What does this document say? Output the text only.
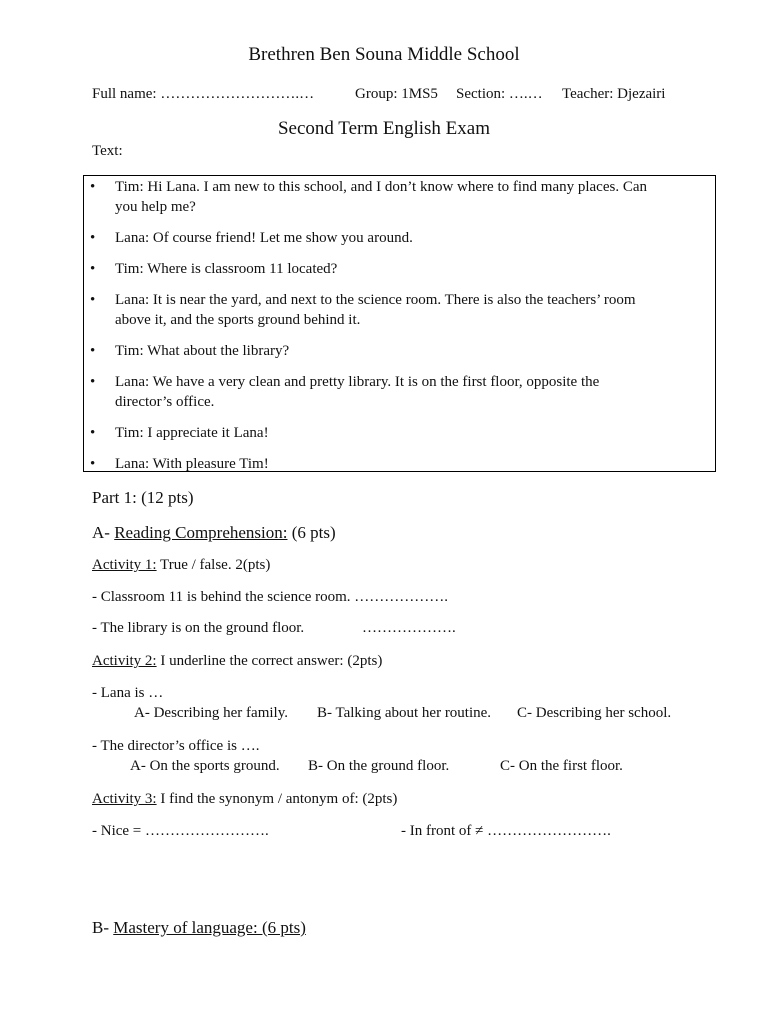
Brethren Ben Souna Middle School
Full name: ……………………….…	Group: 1MS5 Section: ….… Teacher: Djezairi
Second Term English Exam
Text:
• Tim: Hi Lana. I am new to this school, and I don’t know where to find many places. Can
you help me?
• Lana: Of course friend! Let me show you around.
• Tim: Where is classroom 11 located?
• Lana: It is near the yard, and next to the science room. There is also the teachers’ room
above it, and the sports ground behind it.
• Tim: What about the library?
• Lana: We have a very clean and pretty library. It is on the first floor, opposite the
director’s office.
• Tim: I appreciate it Lana!
• Lana: With pleasure Tim!
Part 1: (12 pts)
A- Reading Comprehension: (6 pts)
Activity 1: True / false. 2(pts)
- Classroom 11 is behind the science room. ……………….
- The library is on the ground floor.	……………….
Activity 2: I underline the correct answer: (2pts)
- Lana is …
A- Describing her family. B- Talking about her routine. C- Describing her school.
- The director’s office is ….
A- On the sports ground. B- On the ground floor.	C- On the first floor.
Activity 3: I find the synonym / antonym of: (2pts)
- Nice = …………………….	- In front of ≠ …………………….
B- Mastery of language: (6 pts)
